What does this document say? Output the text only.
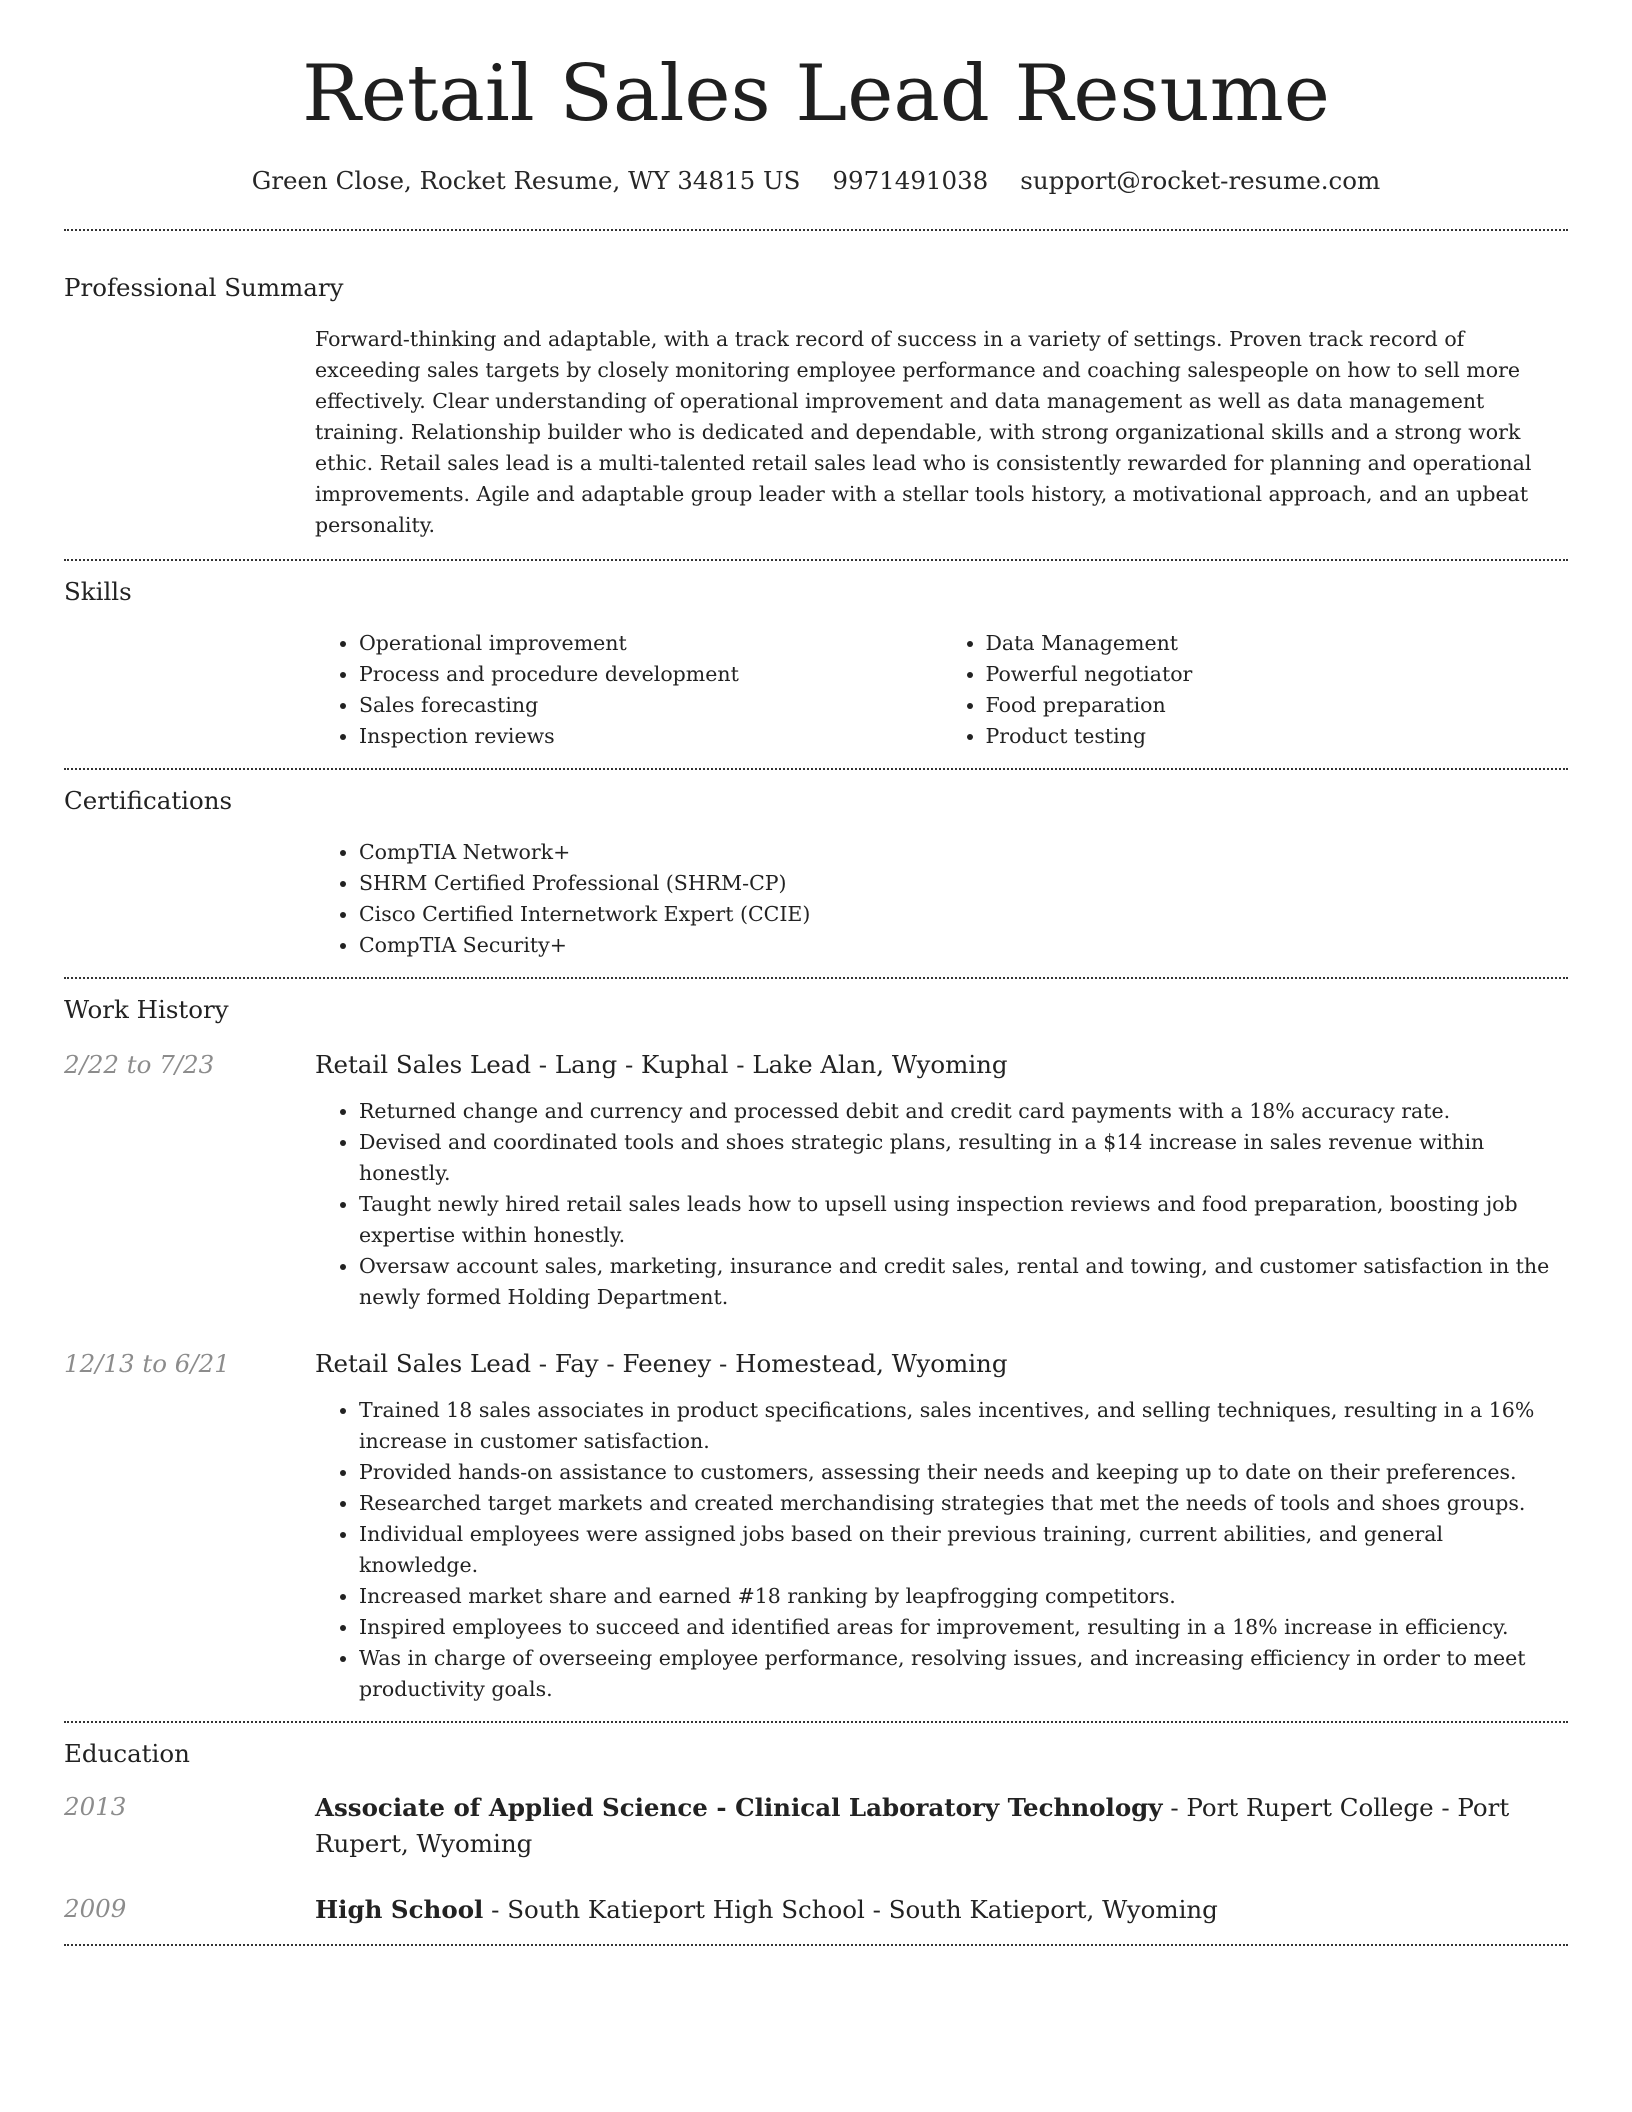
Retail Sales Lead Resume
Green Close, Rocket Resume, WY 34815 US 9971491038 support@rocket-resume.com
Professional Summary

Forward-thinking and adaptable, with a track record of success in a variety of settings. Proven track record of exceeding sales targets by closely monitoring employee performance and coaching salespeople on how to sell more effectively. Clear understanding of operational improvement and data management as well as data management training. Relationship builder who is dedicated and dependable, with strong organizational skills and a strong work ethic. Retail sales lead is a multi-talented retail sales lead who is consistently rewarded for planning and operational improvements. Agile and adaptable group leader with a stellar tools history, a motivational approach, and an upbeat personality.

Skills
• Operational improvement
• Process and procedure development
• Sales forecasting
• Inspection reviews
• Data Management
• Powerful negotiator
• Food preparation
• Product testing
Certifications
• CompTIA Network+
• SHRM Certified Professional (SHRM-CP)
• Cisco Certified Internetwork Expert (CCIE)
• CompTIA Security+
Work History
2/22 to 7/23	Retail Sales Lead - Lang - Kuphal - Lake Alan, Wyoming
• Returned change and currency and processed debit and credit card payments with a 18% accuracy rate.
• Devised and coordinated tools and shoes strategic plans, resulting in a $14 increase in sales revenue within honestly.
• Taught newly hired retail sales leads how to upsell using inspection reviews and food preparation, boosting job expertise within honestly.
• Oversaw account sales, marketing, insurance and credit sales, rental and towing, and customer satisfaction in the newly formed Holding Department.
12/13 to 6/21	Retail Sales Lead - Fay - Feeney - Homestead, Wyoming
• Trained 18 sales associates in product specifications, sales incentives, and selling techniques, resulting in a 16% increase in customer satisfaction.
• Provided hands-on assistance to customers, assessing their needs and keeping up to date on their preferences.
• Researched target markets and created merchandising strategies that met the needs of tools and shoes groups.
• Individual employees were assigned jobs based on their previous training, current abilities, and general knowledge.
• Increased market share and earned #18 ranking by leapfrogging competitors.
• Inspired employees to succeed and identified areas for improvement, resulting in a 18% increase in efficiency.
• Was in charge of overseeing employee performance, resolving issues, and increasing efficiency in order to meet productivity goals.
Education
2013	Associate of Applied Science - Clinical Laboratory Technology - Port Rupert College - Port Rupert, Wyoming
2009	High School - South Katieport High School - South Katieport, Wyoming
